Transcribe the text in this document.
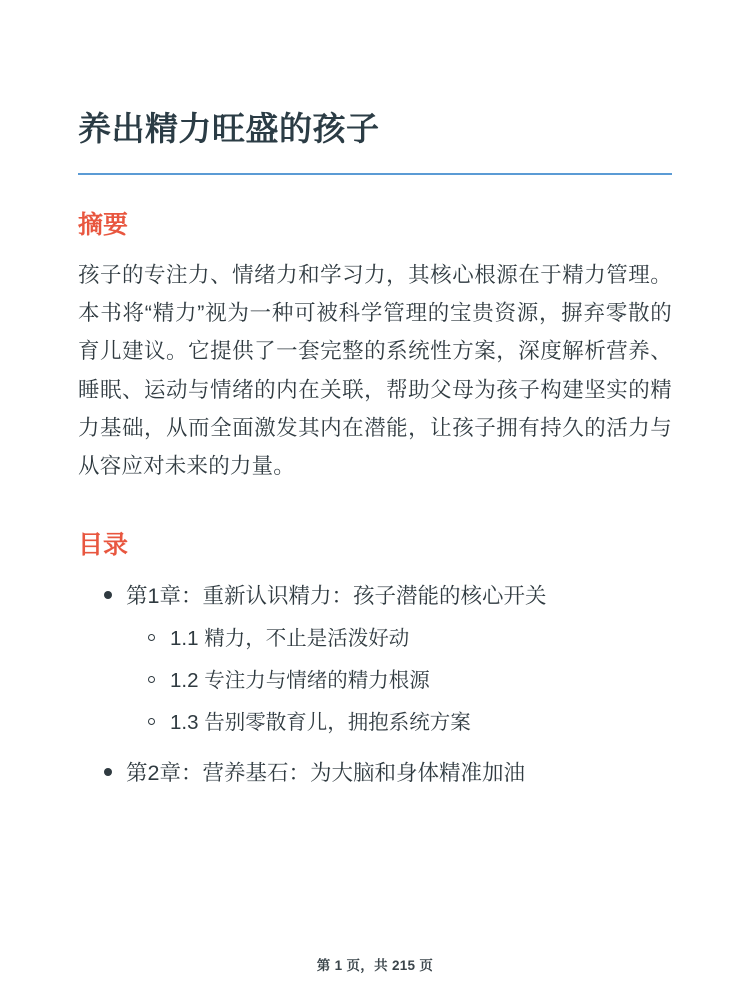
养出精力旺盛的孩子
摘要

孩子的专注力、情绪力和学习力，其核心根源在于精力管理。本书将“精力”视为一种可被科学管理的宝贵资源，摒弃零散的育儿建议。它提供了一套完整的系统性方案，深度解析营养、睡眠、运动与情绪的内在关联，帮助父母为孩子构建坚实的精力基础，从而全面激发其内在潜能，让孩子拥有持久的活力与从容应对未来的力量。

目录
第1章：重新认识精力：孩子潜能的核心开关
1.1 精力，不止是活泼好动
1.2 专注力与情绪的精力根源
1.3 告别零散育儿，拥抱系统方案
第2章：营养基石：为大脑和身体精准加油
第 1 页，共 215 页
